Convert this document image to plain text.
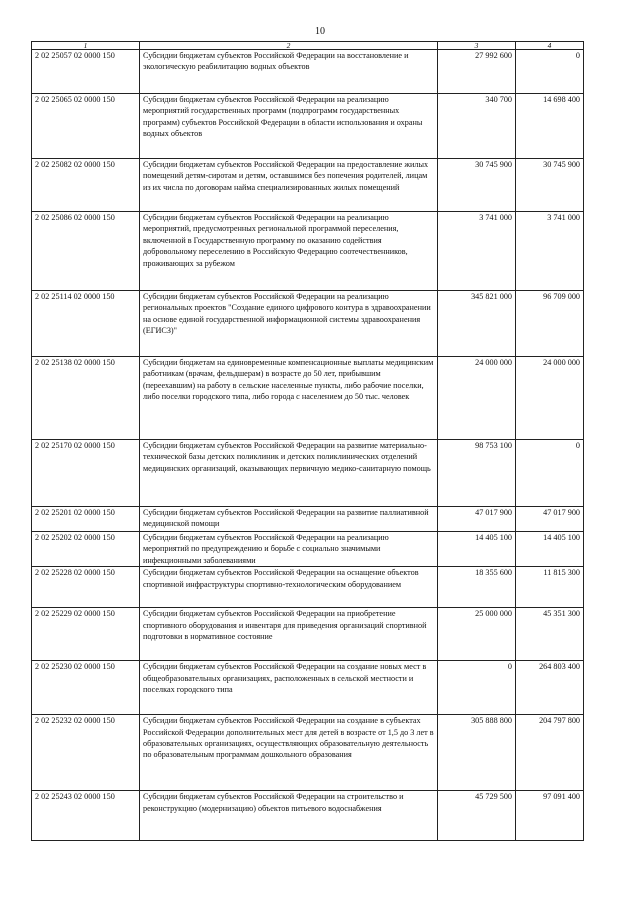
10
1	2	3	4
2 02 25057 02 0000 150	Субсидии бюджетам субъектов Российской Федерации на восстановление и экологическую реабилитацию водных объектов	27 992 600	0
2 02 25065 02 0000 150	Субсидии бюджетам субъектов Российской Федерации на реализацию мероприятий государственных программ (подпрограмм государственных программ) субъектов Российской Федерации в области использования и охраны водных объектов	340 700	14 698 400
2 02 25082 02 0000 150	Субсидии бюджетам субъектов Российской Федерации на предоставление жилых помещений детям-сиротам и детям, оставшимся без попечения родителей, лицам из их числа по договорам найма специализированных жилых помещений	30 745 900	30 745 900
2 02 25086 02 0000 150	Субсидии бюджетам субъектов Российской Федерации на реализацию мероприятий, предусмотренных региональной программой переселения, включенной в Государственную программу по оказанию содействия добровольному переселению в Российскую Федерацию соотечественников, проживающих за рубежом	3 741 000	3 741 000
2 02 25114 02 0000 150	Субсидии бюджетам субъектов Российской Федерации на реализацию региональных проектов "Создание единого цифрового контура в здравоохранении на основе единой государственной информационной системы здравоохранения (ЕГИСЗ)"	345 821 000	96 709 000
2 02 25138 02 0000 150	Субсидии бюджетам на единовременные компенсационные выплаты медицинским работникам (врачам, фельдшерам) в возрасте до 50 лет, прибывшим (переехавшим) на работу в сельские населенные пункты, либо рабочие поселки, либо поселки городского типа, либо города с населением до 50 тыс. человек	24 000 000	24 000 000
2 02 25170 02 0000 150	Субсидии бюджетам субъектов Российской Федерации на развитие материально-технической базы детских поликлиник и детских поликлинических отделений медицинских организаций, оказывающих первичную медико-санитарную помощь	98 753 100	0
2 02 25201 02 0000 150	Субсидии бюджетам субъектов Российской Федерации на развитие паллиативной медицинской помощи	47 017 900	47 017 900
2 02 25202 02 0000 150	Субсидии бюджетам субъектов Российской Федерации на реализацию мероприятий по предупреждению и борьбе с социально значимыми инфекционными заболеваниями	14 405 100	14 405 100
2 02 25228 02 0000 150	Субсидии бюджетам субъектов Российской Федерации на оснащение объектов спортивной инфраструктуры спортивно-технологическим оборудованием	18 355 600	11 815 300
2 02 25229 02 0000 150	Субсидии бюджетам субъектов Российской Федерации на приобретение спортивного оборудования и инвентаря для приведения организаций спортивной подготовки в нормативное состояние	25 000 000	45 351 300
2 02 25230 02 0000 150	Субсидии бюджетам субъектов Российской Федерации на создание новых мест в общеобразовательных организациях, расположенных в сельской местности и поселках городского типа	0	264 803 400
2 02 25232 02 0000 150	Субсидии бюджетам субъектов Российской Федерации на создание в субъектах Российской Федерации дополнительных мест для детей в возрасте от 1,5 до 3 лет в образовательных организациях, осуществляющих образовательную деятельность по образовательным программам дошкольного образования	305 888 800	204 797 800
2 02 25243 02 0000 150	Субсидии бюджетам субъектов Российской Федерации на строительство и реконструкцию (модернизацию) объектов питьевого водоснабжения	45 729 500	97 091 400
